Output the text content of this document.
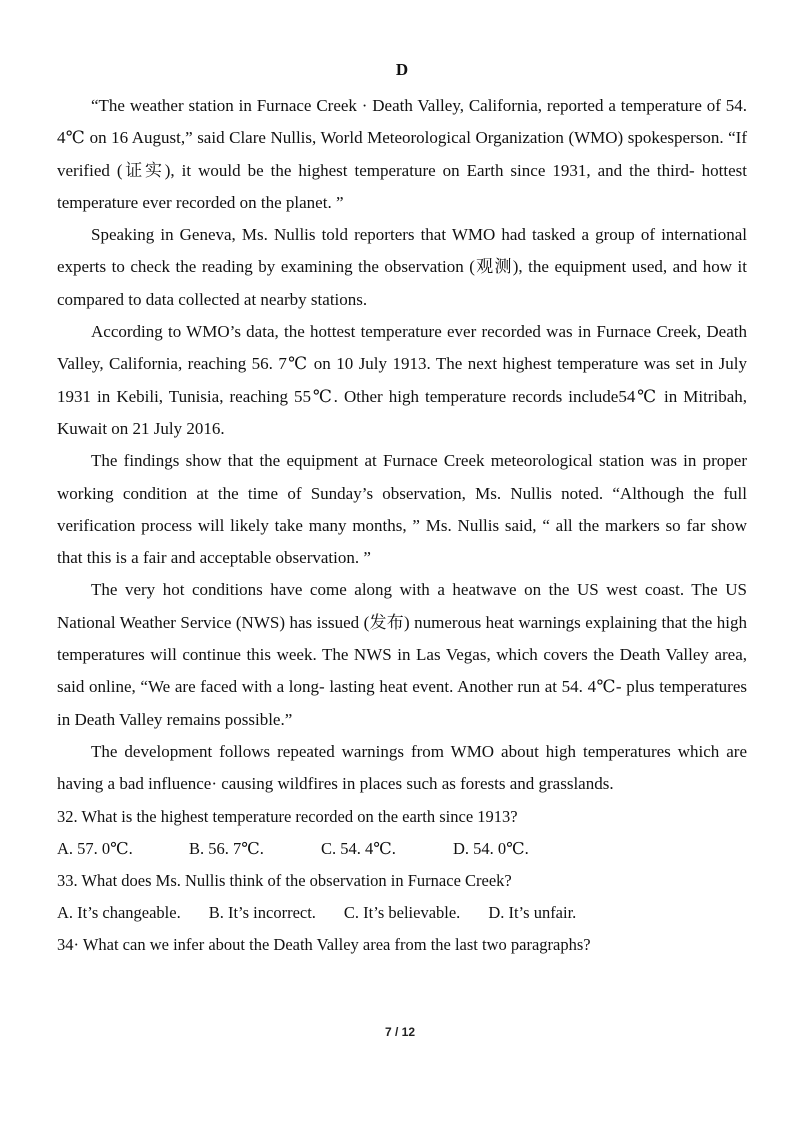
D

“The weather station in Furnace Creek · Death Valley, California, reported a temperature of 54. 4℃ on 16 August,” said Clare Nullis, World Meteorological Organization (WMO) spokesperson. “If verified (证实), it would be the highest temperature on Earth since 1931, and the third- hottest temperature ever recorded on the planet. ”

Speaking in Geneva, Ms. Nullis told reporters that WMO had tasked a group of international experts to check the reading by examining the observation (观测), the equipment used, and how it compared to data collected at nearby stations.

According to WMO’s data, the hottest temperature ever recorded was in Furnace Creek, Death Valley, California, reaching 56. 7℃ on 10 July 1913. The next highest temperature was set in July 1931 in Kebili, Tunisia, reaching 55℃. Other high temperature records include54℃ in Mitribah, Kuwait on 21 July 2016.

The findings show that the equipment at Furnace Creek meteorological station was in proper working condition at the time of Sunday’s observation, Ms. Nullis noted. “Although the full verification process will likely take many months, ” Ms. Nullis said, “ all the markers so far show that this is a fair and acceptable observation. ”

The very hot conditions have come along with a heatwave on the US west coast. The US National Weather Service (NWS) has issued (发布) numerous heat warnings explaining that the high temperatures will continue this week. The NWS in Las Vegas, which covers the Death Valley area, said online, “We are faced with a long- lasting heat event. Another run at 54. 4℃- plus temperatures in Death Valley remains possible.”

The development follows repeated warnings from WMO about high temperatures which are having a bad influence· causing wildfires in places such as forests and grasslands.

32. What is the highest temperature recorded on the earth since 1913?

A. 57. 0℃.	B. 56. 7℃.	C. 54. 4℃.	D. 54. 0℃.

33. What does Ms. Nullis think of the observation in Furnace Creek?

A. It’s changeable. B. It’s incorrect. C. It’s believable. D. It’s unfair.

34· What can we infer about the Death Valley area from the last two paragraphs?

7 / 12
